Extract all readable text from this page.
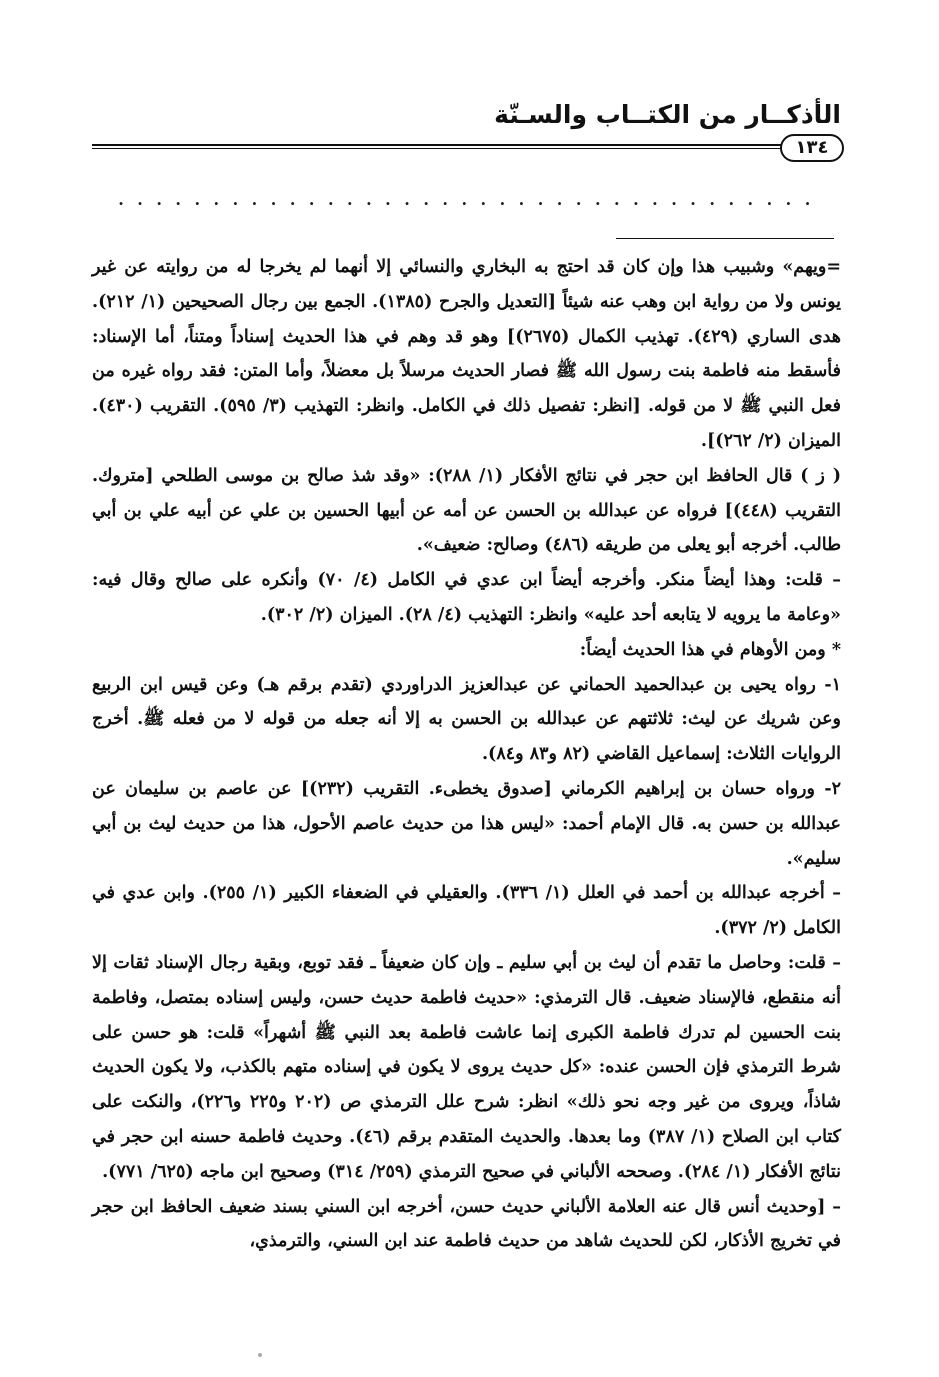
الأذكــار من الكتــاب والسـنّة
١٣٤
.....................................

=ويهم» وشبيب هذا وإن كان قد احتج به البخاري والنسائي إلا أنهما لم يخرجا له من روايته عن غير يونس ولا من رواية ابن وهب عنه شيئاً [التعديل والجرح (١٣٨٥). الجمع بين رجال الصحيحين (١/ ٢١٢). هدى الساري (٤٢٩). تهذيب الكمال (٢٦٧٥)] وهو قد وهم في هذا الحديث إسناداً ومتناً، أما الإسناد: فأسقط منه فاطمة بنت رسول الله ﷺ فصار الحديث مرسلاً بل معضلاً، وأما المتن: فقد رواه غيره من فعل النبي ﷺ لا من قوله. [انظر: تفصيل ذلك في الكامل. وانظر: التهذيب (٣/ ٥٩٥). التقريب (٤٣٠). الميزان (٢/ ٢٦٢)].

( ز ) قال الحافظ ابن حجر في نتائج الأفكار (١/ ٢٨٨): «وقد شذ صالح بن موسى الطلحي [متروك. التقريب (٤٤٨)] فرواه عن عبدالله بن الحسن عن أمه عن أبيها الحسين بن علي عن أبيه علي بن أبي طالب. أخرجه أبو يعلى من طريقه (٤٨٦) وصالح: ضعيف».

– قلت: وهذا أيضاً منكر. وأخرجه أيضاً ابن عدي في الكامل (٤/ ٧٠) وأنكره على صالح وقال فيه: «وعامة ما يرويه لا يتابعه أحد عليه» وانظر: التهذيب (٤/ ٢٨). الميزان (٢/ ٣٠٢).

* ومن الأوهام في هذا الحديث أيضاً:

١- رواه يحيى بن عبدالحميد الحماني عن عبدالعزيز الدراوردي (تقدم برقم هـ) وعن قيس ابن الربيع وعن شريك عن ليث: ثلاثتهم عن عبدالله بن الحسن به إلا أنه جعله من قوله لا من فعله ﷺ. أخرج الروايات الثلاث: إسماعيل القاضي (٨٢ و٨٣ و٨٤).

٢- ورواه حسان بن إبراهيم الكرماني [صدوق يخطىء. التقريب (٢٣٢)] عن عاصم بن سليمان عن عبدالله بن حسن به. قال الإمام أحمد: «ليس هذا من حديث عاصم الأحول، هذا من حديث ليث بن أبي سليم».

– أخرجه عبدالله بن أحمد في العلل (١/ ٣٣٦). والعقيلي في الضعفاء الكبير (١/ ٢٥٥). وابن عدي في الكامل (٢/ ٣٧٢).

– قلت: وحاصل ما تقدم أن ليث بن أبي سليم ـ وإن كان ضعيفاً ـ فقد توبع، وبقية رجال الإسناد ثقات إلا أنه منقطع، فالإسناد ضعيف. قال الترمذي: «حديث فاطمة حديث حسن، وليس إسناده بمتصل، وفاطمة بنت الحسين لم تدرك فاطمة الكبرى إنما عاشت فاطمة بعد النبي ﷺ أشهراً» قلت: هو حسن على شرط الترمذي فإن الحسن عنده: «كل حديث يروى لا يكون في إسناده متهم بالكذب، ولا يكون الحديث شاذاً، ويروى من غير وجه نحو ذلك» انظر: شرح علل الترمذي ص (٢٠٢ و٢٢٥ و٢٢٦)، والنكت على كتاب ابن الصلاح (١/ ٣٨٧) وما بعدها. والحديث المتقدم برقم (٤٦). وحديث فاطمة حسنه ابن حجر في نتائج الأفكار (١/ ٢٨٤). وصححه الألباني في صحيح الترمذي (٢٥٩/ ٣١٤) وصحيح ابن ماجه (٦٢٥/ ٧٧١).

– [وحديث أنس قال عنه العلامة الألباني حديث حسن، أخرجه ابن السني بسند ضعيف الحافظ ابن حجر في تخريج الأذكار، لكن للحديث شاهد من حديث فاطمة عند ابن السني، والترمذي،
